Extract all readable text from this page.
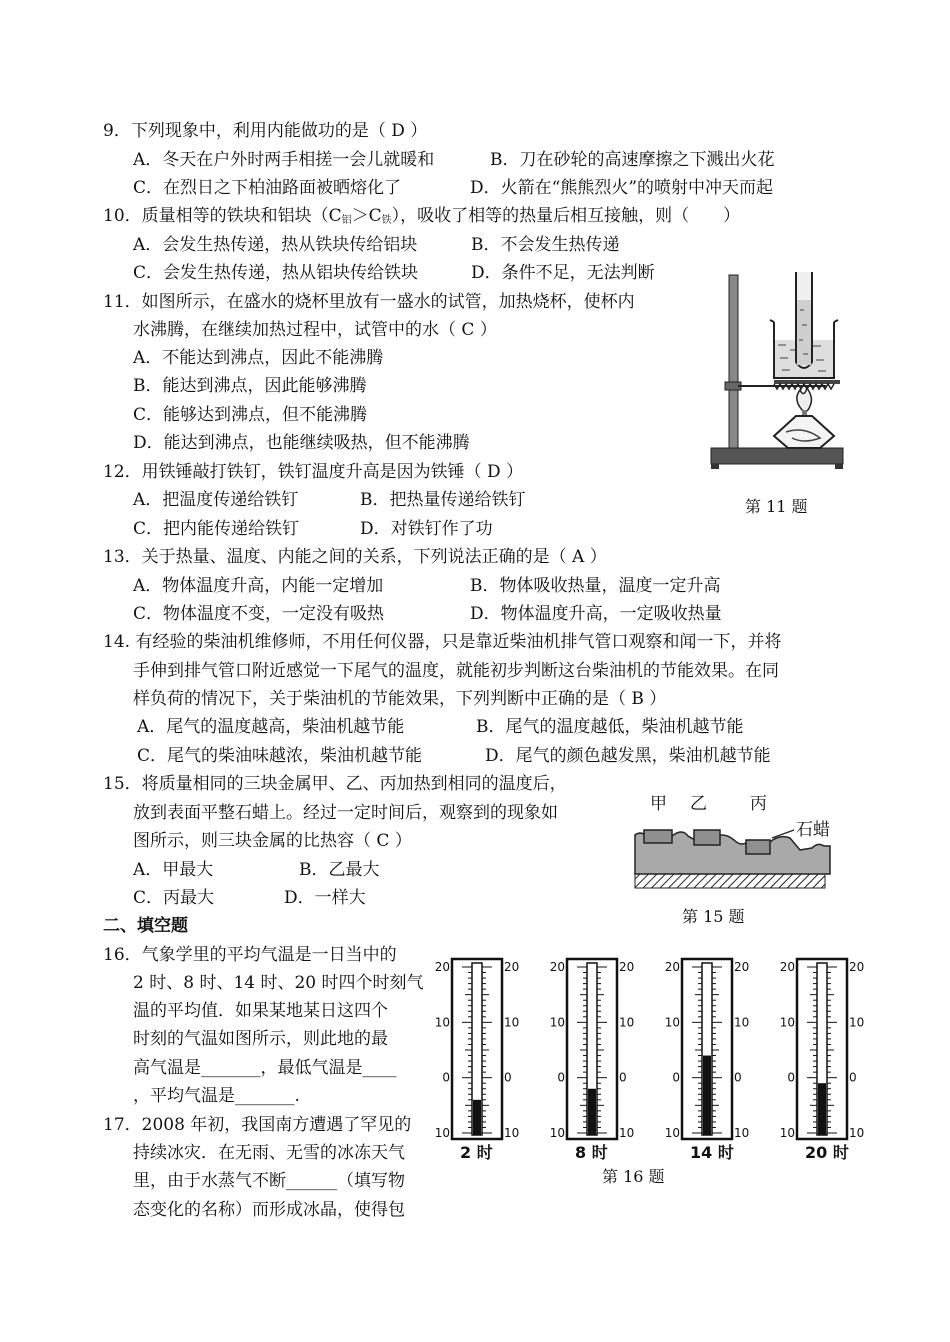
9．下列现象中，利用内能做功的是（ D ）
A．冬天在户外时两手相搓一会儿就暖和	B．刀在砂轮的高速摩擦之下溅出火花
C．在烈日之下柏油路面被晒熔化了	D．火箭在“熊熊烈火”的喷射中冲天而起
10．质量相等的铁块和铝块$(C_铝>C_铁)$，吸收了相等的热量后相互接触，则（　　）
A．会发生热传递，热从铁块传给铝块	B．不会发生热传递
C．会发生热传递，热从铝块传给铁块	D．条件不足，无法判断
11．如图所示，在盛水的烧杯里放有一盛水的试管，加热烧杯，使杯内
水沸腾，在继续加热过程中，试管中的水（ C ）
A．不能达到沸点，因此不能沸腾
B．能达到沸点，因此能够沸腾
C．能够达到沸点，但不能沸腾
D．能达到沸点，也能继续吸热，但不能沸腾
第 11 题
12．用铁锤敲打铁钉，铁钉温度升高是因为铁锤（ D ）
A．把温度传递给铁钉	B．把热量传递给铁钉
C．把内能传递给铁钉	D．对铁钉作了功
13．关于热量、温度、内能之间的关系，下列说法正确的是（ A ）
A．物体温度升高，内能一定增加	B．物体吸收热量，温度一定升高
C．物体温度不变，一定没有吸热	D．物体温度升高，一定吸收热量
14. 有经验的柴油机维修师，不用任何仪器，只是靠近柴油机排气管口观察和闻一下，并将
手伸到排气管口附近感觉一下尾气的温度，就能初步判断这台柴油机的节能效果。在同
样负荷的情况下，关于柴油机的节能效果，下列判断中正确的是（ B ）
A．尾气的温度越高，柴油机越节能	B．尾气的温度越低，柴油机越节能
C．尾气的柴油味越浓，柴油机越节能	D．尾气的颜色越发黑，柴油机越节能
15．将质量相同的三块金属甲、乙、丙加热到相同的温度后，
放到表面平整石蜡上。经过一定时间后，观察到的现象如
图所示，则三块金属的比热容（ C ）
A．甲最大	B．乙最大
C．丙最大	D．一样大
甲 乙	丙
石蜡
第 15 题
二、填空题
16．气象学里的平均气温是一日当中的
2 时、8 时、14 时、20 时四个时刻气
温的平均值．如果某地某日这四个
时刻的气温如图所示，则此地的最
高气温是_______，最低气温是____
，平均气温是_______.
17．2008 年初，我国南方遭遇了罕见的
持续冰灾．在无雨、无雪的冰冻天气
里，由于水蒸气不断______（填写物
态变化的名称）而形成冰晶，使得包
20	20
10	10
0	0
10	10
2 时
20	20
10	10
0	0
10	10
8 时
20	20
10	10
0	0
10	10
14 时
20	20
10	10
0	0
10	10
20 时
第 16 题
